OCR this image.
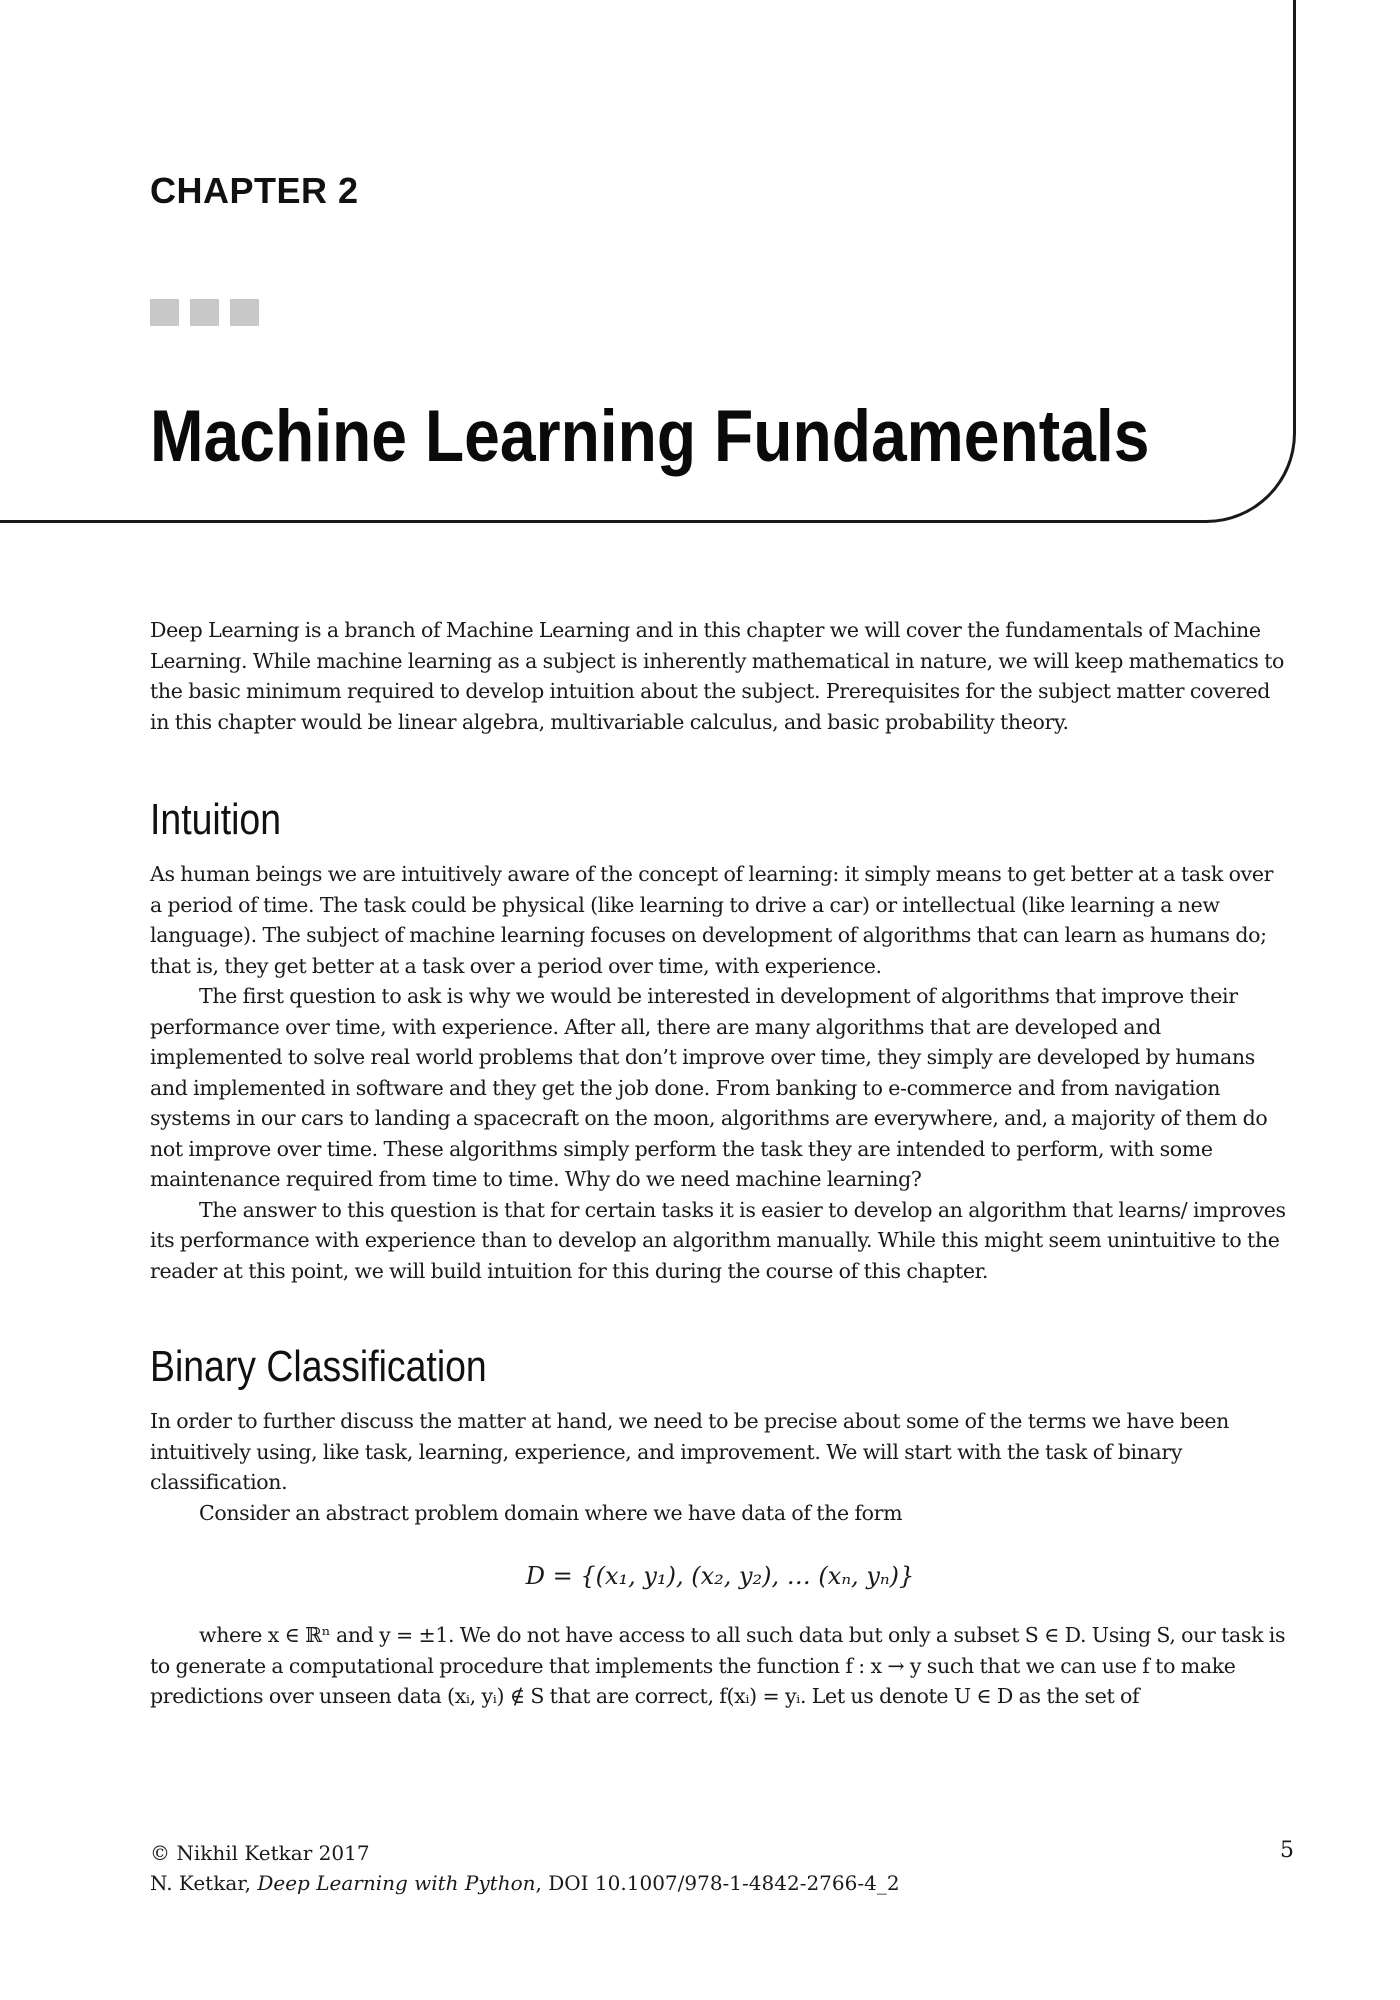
CHAPTER 2
Machine Learning Fundamentals

Deep Learning is a branch of Machine Learning and in this chapter we will cover the fundamentals of Machine Learning. While machine learning as a subject is inherently mathematical in nature, we will keep mathematics to the basic minimum required to develop intuition about the subject. Prerequisites for the subject matter covered in this chapter would be linear algebra, multivariable calculus, and basic probability theory.

Intuition

As human beings we are intuitively aware of the concept of learning: it simply means to get better at a task over a period of time. The task could be physical (like learning to drive a car) or intellectual (like learning a new language). The subject of machine learning focuses on development of algorithms that can learn as humans do; that is, they get better at a task over a period over time, with experience.

The first question to ask is why we would be interested in development of algorithms that improve their performance over time, with experience. After all, there are many algorithms that are developed and implemented to solve real world problems that don’t improve over time, they simply are developed by humans and implemented in software and they get the job done. From banking to e-commerce and from navigation systems in our cars to landing a spacecraft on the moon, algorithms are everywhere, and, a majority of them do not improve over time. These algorithms simply perform the task they are intended to perform, with some maintenance required from time to time. Why do we need machine learning?

The answer to this question is that for certain tasks it is easier to develop an algorithm that learns/ improves its performance with experience than to develop an algorithm manually. While this might seem unintuitive to the reader at this point, we will build intuition for this during the course of this chapter.

Binary Classification

In order to further discuss the matter at hand, we need to be precise about some of the terms we have been intuitively using, like task, learning, experience, and improvement. We will start with the task of binary classification.

Consider an abstract problem domain where we have data of the form

D = {(x₁, y₁), (x₂, y₂), … (xₙ, yₙ)}

where x ∈ ℝⁿ and y = ±1. We do not have access to all such data but only a subset S ∈ D. Using S, our task is to generate a computational procedure that implements the function f : x → y such that we can use f to make predictions over unseen data (xᵢ, yᵢ) ∉ S that are correct, f(xᵢ) = yᵢ. Let us denote U ∈ D as the set of

© Nikhil Ketkar 2017
N. Ketkar, Deep Learning with Python, DOI 10.1007/978-1-4842-2766-4_2
5
